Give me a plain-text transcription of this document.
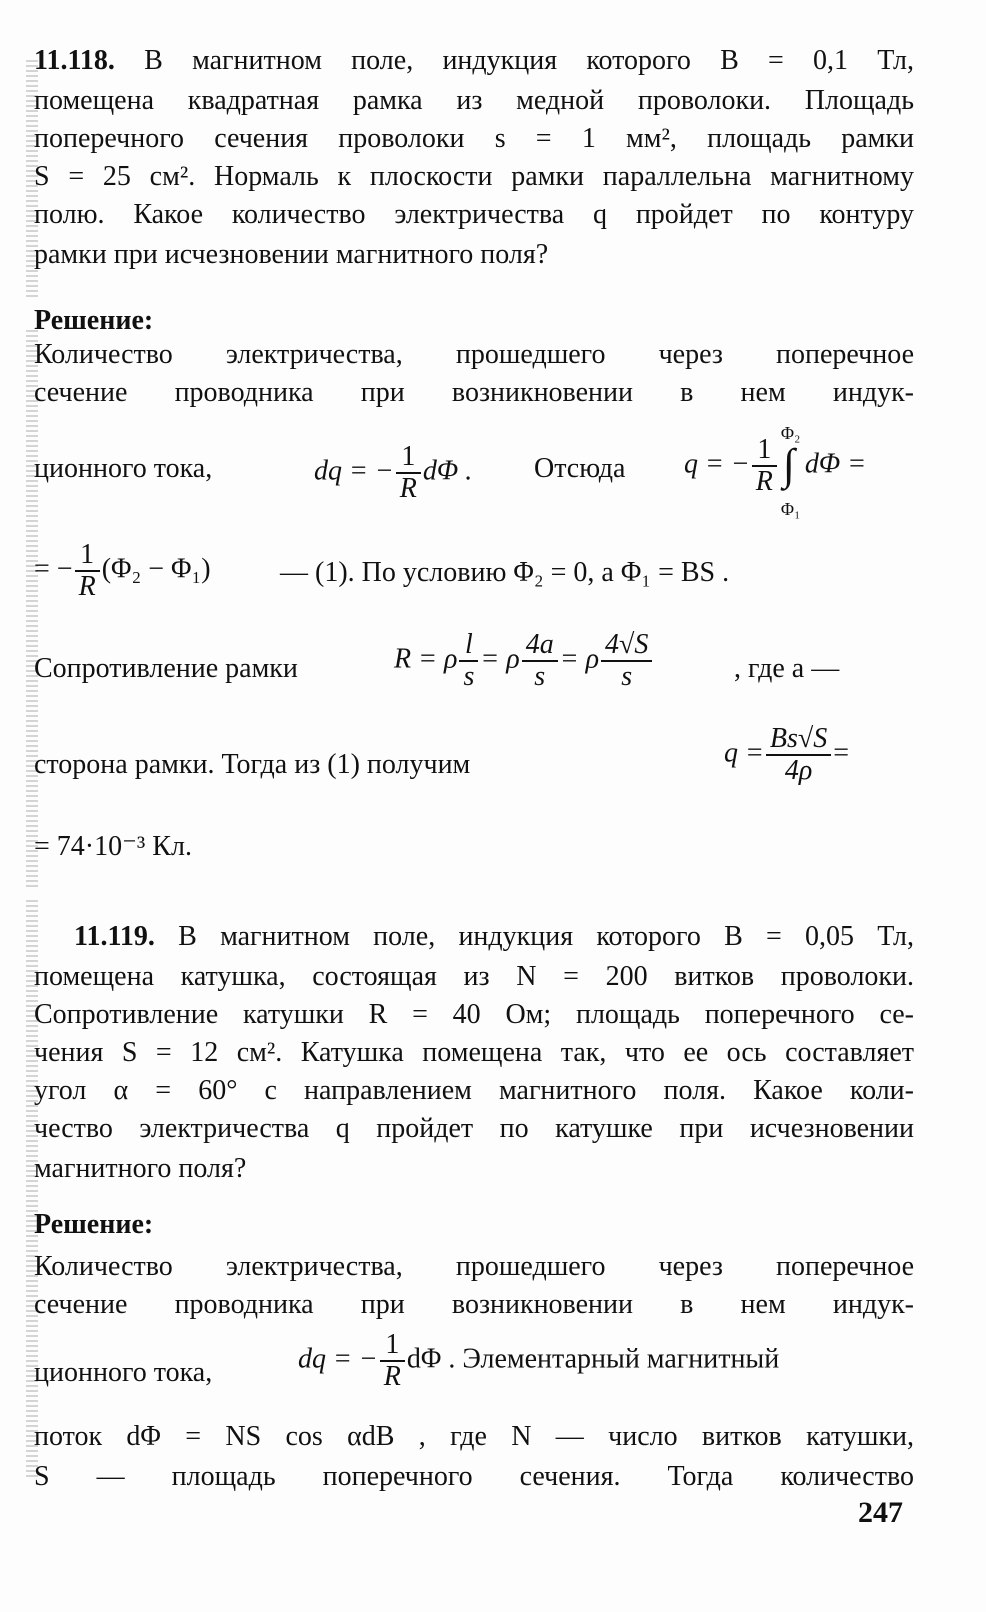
11.118. В магнитном поле, индукция которого B = 0,1 Тл,
помещена квадратная рамка из медной проволоки. Площадь
поперечного сечения проволоки s = 1 мм², площадь рамки
S = 25 см². Нормаль к плоскости рамки параллельна магнитному
полю. Какое количество электричества q пройдет по контуру
рамки при исчезновении магнитного поля?
Решение:
Количество электричества, прошедшего через поперечное
сечение проводника при возникновении в нем индук-
ционного тока,	dq = − $\frac{1}{R}$ dΦ . Отсюда q = − $\frac{1}{R}$
Φ₂
∫
Φ₁
dΦ =
= − $\frac{1}{R} (\Phi_2 - \Phi_1)$ — (1). По условию Φ₂ = 0, а Φ₁ = BS .
Сопротивление рамки	R = ρ $\frac{l}{s} = \rho \frac{4a}{s} = \rho \frac{4√S}{s}$	, где a —
сторона рамки. Тогда из (1) получим	$q = \frac{Bs√S}{4\rho}$ =
= 74·10⁻³ Кл.
11.119. В магнитном поле, индукция которого B = 0,05 Тл,
помещена катушка, состоящая из N = 200 витков проволоки.
Сопротивление катушки R = 40 Ом; площадь поперечного се-
чения S = 12 см². Катушка помещена так, что ее ось составляет
угол α = 60° с направлением магнитного поля. Какое коли-
чество электричества q пройдет по катушке при исчезновении
магнитного поля?
Решение:
Количество электричества, прошедшего через поперечное
сечение проводника при возникновении в нем индук-
ционного тока,	dq = − $\frac{1}{R}$ dΦ . Элементарный магнитный
поток dΦ = NS cos αdB , где N — число витков катушки,
S — площадь поперечного сечения. Тогда количество
247
